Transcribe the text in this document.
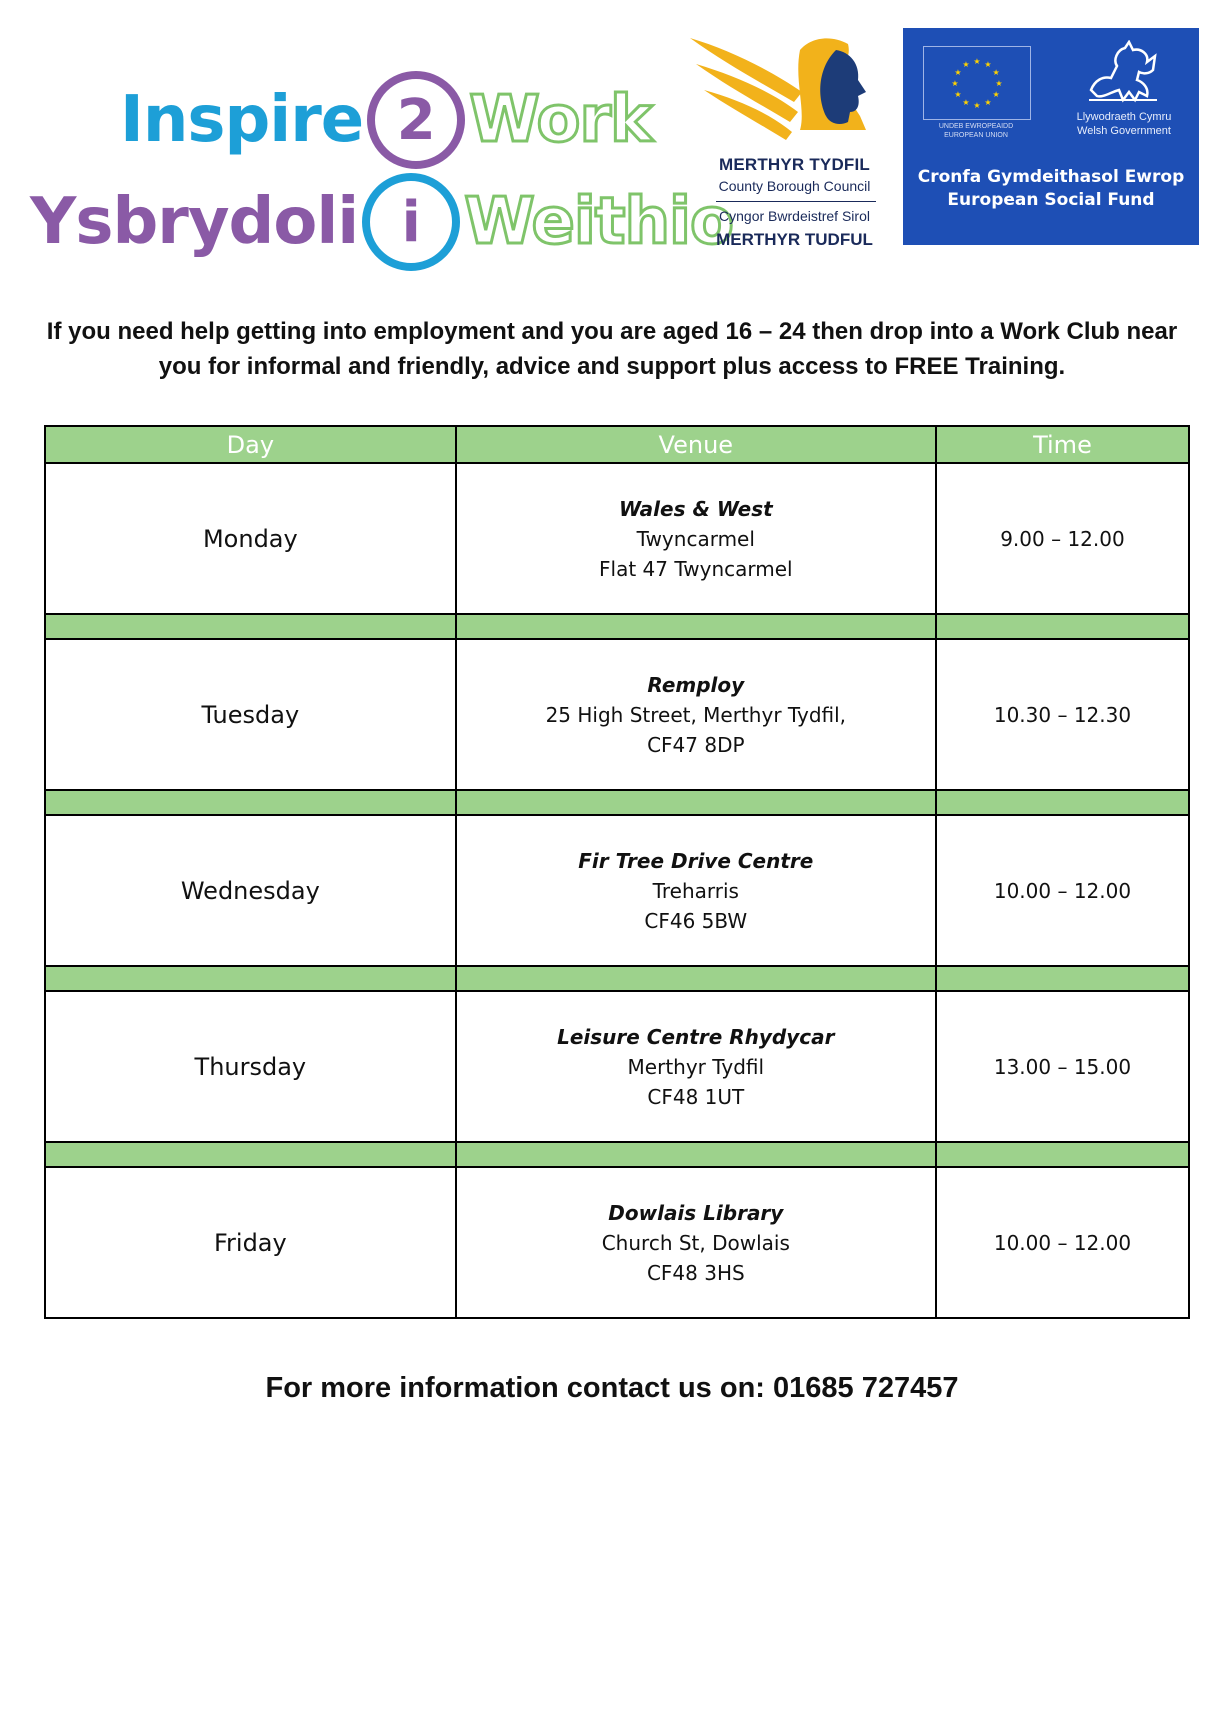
Inspire 2 Work
Ysbrydoli i Weithio
MERTHYR TYDFIL
County Borough Council
Cyngor Bwrdeistref Sirol
MERTHYR TUDFUL
★ ★
★
★
★
★
★
★
★
★
★
★
UNDEB EWROPEAIDD
EUROPEAN UNION
Llywodraeth Cymru
Welsh Government
Cronfa Gymdeithasol Ewrop
European Social Fund
If you need help getting into employment and you are aged 16 – 24 then drop into a Work Club near you for informal and friendly, advice and support plus access to FREE Training.
Day	Venue	Time
Monday	Wales & West
Twyncarmel
Flat 47 Twyncarmel	9.00 – 12.00

Tuesday	Remploy
25 High Street, Merthyr Tydfil,
CF47 8DP	10.30 – 12.30

Wednesday	Fir Tree Drive Centre
Treharris
CF46 5BW	10.00 – 12.00

Thursday	Leisure Centre Rhydycar
Merthyr Tydfil
CF48 1UT	13.00 – 15.00

Friday	Dowlais Library
Church St, Dowlais
CF48 3HS	10.00 – 12.00
For more information contact us on: 01685 727457
